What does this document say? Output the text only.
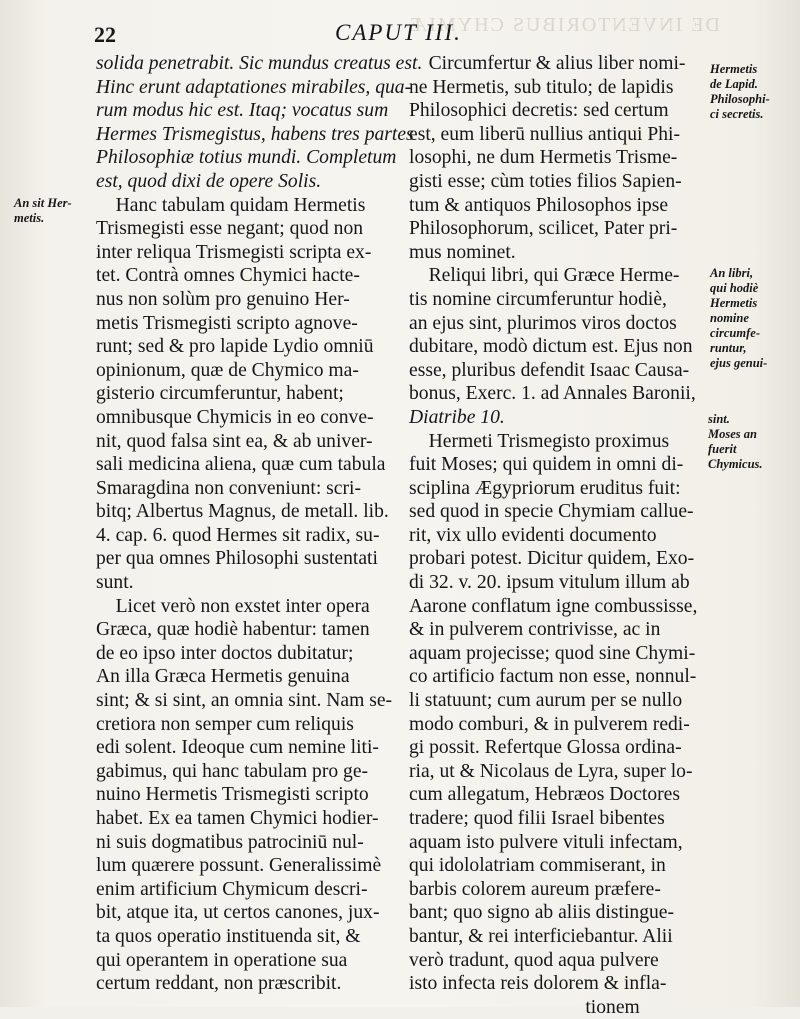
DE INVENTORIBUS CHYMIÆ
22	CAPUT III.
An sit Her-
metis.
Hermetis
de Lapid.
Philosophi-
ci secretis.
An libri,
qui hodiè
Hermetis
nomine
circumfe-
runtur,
ejus genui-
sint.
Moses an
fuerit
Chymicus.
solida penetrabit. Sic mundus creatus est.
Hinc erunt adaptationes mirabiles, qua-
rum modus hic est. Itaq; vocatus sum
Hermes Trismegistus, habens tres partes
Philosophiæ totius mundi. Completum
est, quod dixi de opere Solis.
Hanc tabulam quidam Hermetis
Trismegisti esse negant; quod non
inter reliqua Trismegisti scripta ex-
tet. Contrà omnes Chymici hacte-
nus non solùm pro genuino Her-
metis Trismegisti scripto agnove-
runt; sed & pro lapide Lydio omniū
opinionum, quæ de Chymico ma-
gisterio circumferuntur, habent;
omnibusque Chymicis in eo conve-
nit, quod falsa sint ea, & ab univer-
sali medicina aliena, quæ cum tabula
Smaragdina non conveniunt: scri-
bitq; Albertus Magnus, de metall. lib.
4. cap. 6. quod Hermes sit radix, su-
per qua omnes Philosophi sustentati
sunt.
Licet verò non exstet inter opera
Græca, quæ hodiè habentur: tamen
de eo ipso inter doctos dubitatur;
An illa Græca Hermetis genuina
sint; & si sint, an omnia sint. Nam se-
cretiora non semper cum reliquis
edi solent. Ideoque cum nemine liti-
gabimus, qui hanc tabulam pro ge-
nuino Hermetis Trismegisti scripto
habet. Ex ea tamen Chymici hodier-
ni suis dogmatibus patrociniū nul-
lum quærere possunt. Generalissimè
enim artificium Chymicum descri-
bit, atque ita, ut certos canones, jux-
ta quos operatio instituenda sit, &
qui operantem in operatione sua
certum reddant, non præscribit.
Circumfertur & alius liber nomi-
ne Hermetis, sub titulo; de lapidis
Philosophici decretis: sed certum
est, eum liberū nullius antiqui Phi-
losophi, ne dum Hermetis Trisme-
gisti esse; cùm toties filios Sapien-
tum & antiquos Philosophos ipse
Philosophorum, scilicet, Pater pri-
mus nominet.
Reliqui libri, qui Græce Herme-
tis nomine circumferuntur hodiè,
an ejus sint, plurimos viros doctos
dubitare, modò dictum est. Ejus non
esse, pluribus defendit Isaac Causa-
bonus, Exerc. 1. ad Annales Baronii,
Diatribe 10.
Hermeti Trismegisto proximus
fuit Moses; qui quidem in omni di-
sciplina Ægypriorum eruditus fuit:
sed quod in specie Chymiam calluе-
rit, vix ullo evidenti documento
probari potest. Dicitur quidem, Exo-
di 32. v. 20. ipsum vitulum illum ab
Aarone conflatum igne combussisse,
& in pulverem contrivisse, ac in
aquam projecisse; quod sine Chymi-
co artificio factum non esse, nonnul-
li statuunt; cum aurum per se nullo
modo comburi, & in pulverem redi-
gi possit. Refertque Glossa ordina-
ria, ut & Nicolaus de Lyra, super lo-
cum allegatum, Hebræos Doctores
tradere; quod filii Israel bibentes
aquam isto pulvere vituli infectam,
qui idololatriam commiserant, in
barbis colorem aureum præfere-
bant; quo signo ab aliis distingue-
bantur, & rei interficiebantur. Alii
verò tradunt, quod aqua pulvere
isto infecta reis dolorem & infla-
tionem
